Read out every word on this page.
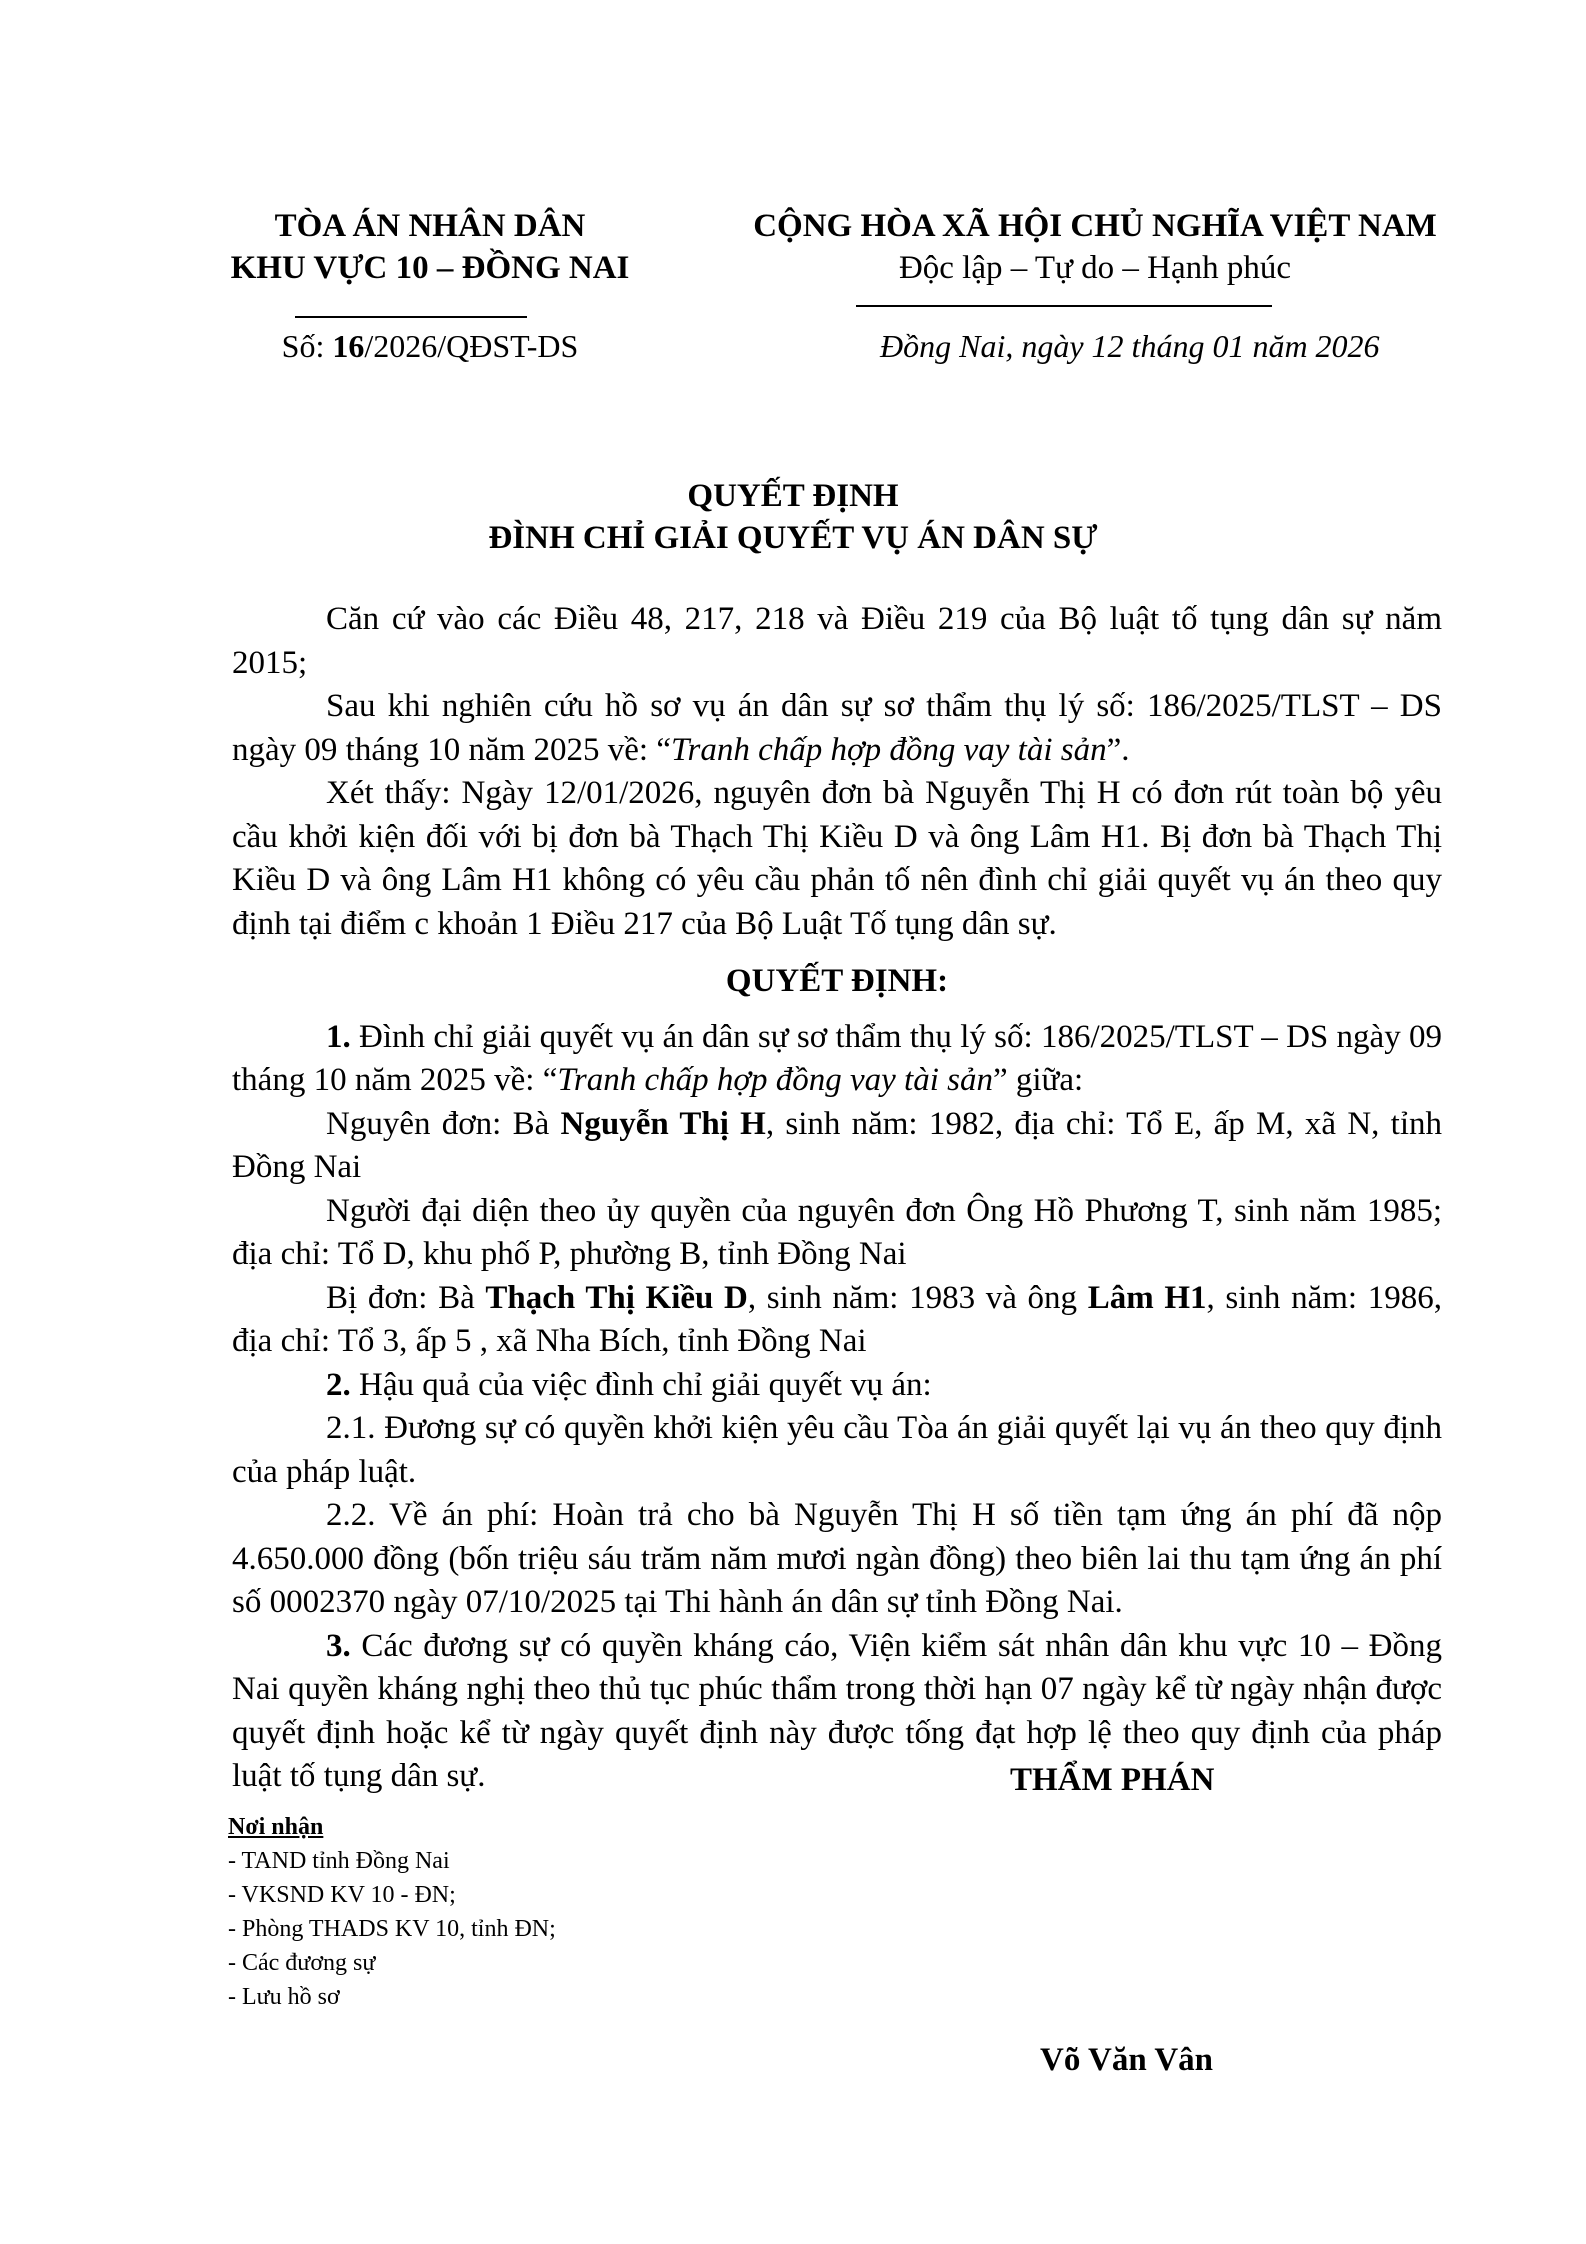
TÒA ÁN NHÂN DÂN
KHU VỰC 10 – ĐỒNG NAI
Số: 16/2026/QĐST-DS
CỘNG HÒA XÃ HỘI CHỦ NGHĨA VIỆT NAM
Độc lập – Tự do – Hạnh phúc
Đồng Nai, ngày 12 tháng 01 năm 2026
QUYẾT ĐỊNH
ĐÌNH CHỈ GIẢI QUYẾT VỤ ÁN DÂN SỰ

Căn cứ vào các Điều 48, 217, 218 và Điều 219 của Bộ luật tố tụng dân sự năm 2015;

Sau khi nghiên cứu hồ sơ vụ án dân sự sơ thẩm thụ lý số: 186/2025/TLST – DS ngày 09 tháng 10 năm 2025 về: “Tranh chấp hợp đồng vay tài sản”.

Xét thấy: Ngày 12/01/2026, nguyên đơn bà Nguyễn Thị H có đơn rút toàn bộ yêu cầu khởi kiện đối với bị đơn bà Thạch Thị Kiều D và ông Lâm H1. Bị đơn bà Thạch Thị Kiều D và ông Lâm H1 không có yêu cầu phản tố nên đình chỉ giải quyết vụ án theo quy định tại điểm c khoản 1 Điều 217 của Bộ Luật Tố tụng dân sự.

QUYẾT ĐỊNH:

1. Đình chỉ giải quyết vụ án dân sự sơ thẩm thụ lý số: 186/2025/TLST – DS ngày 09 tháng 10 năm 2025 về: “Tranh chấp hợp đồng vay tài sản” giữa:

Nguyên đơn: Bà Nguyễn Thị H, sinh năm: 1982, địa chỉ: Tổ E, ấp M, xã N, tỉnh Đồng Nai

Người đại diện theo ủy quyền của nguyên đơn Ông Hồ Phương T, sinh năm 1985; địa chỉ: Tổ D, khu phố P, phường B, tỉnh Đồng Nai

Bị đơn: Bà Thạch Thị Kiều D, sinh năm: 1983 và ông Lâm H1, sinh năm: 1986, địa chỉ: Tổ 3, ấp 5 , xã Nha Bích, tỉnh Đồng Nai

2. Hậu quả của việc đình chỉ giải quyết vụ án:

2.1. Đương sự có quyền khởi kiện yêu cầu Tòa án giải quyết lại vụ án theo quy định của pháp luật.

2.2. Về án phí: Hoàn trả cho bà Nguyễn Thị H số tiền tạm ứng án phí đã nộp 4.650.000 đồng (bốn triệu sáu trăm năm mươi ngàn đồng) theo biên lai thu tạm ứng án phí số 0002370 ngày 07/10/2025 tại Thi hành án dân sự tỉnh Đồng Nai.

3. Các đương sự có quyền kháng cáo, Viện kiểm sát nhân dân khu vực 10 – Đồng Nai quyền kháng nghị theo thủ tục phúc thẩm trong thời hạn 07 ngày kể từ ngày nhận được quyết định hoặc kể từ ngày quyết định này được tống đạt hợp lệ theo quy định của pháp luật tố tụng dân sự.	THẨM PHÁN
Võ Văn Vân
Nơi nhận
- TAND tỉnh Đồng Nai
- VKSND KV 10 - ĐN;
- Phòng THADS KV 10, tỉnh ĐN;
- Các đương sự
- Lưu hồ sơ
